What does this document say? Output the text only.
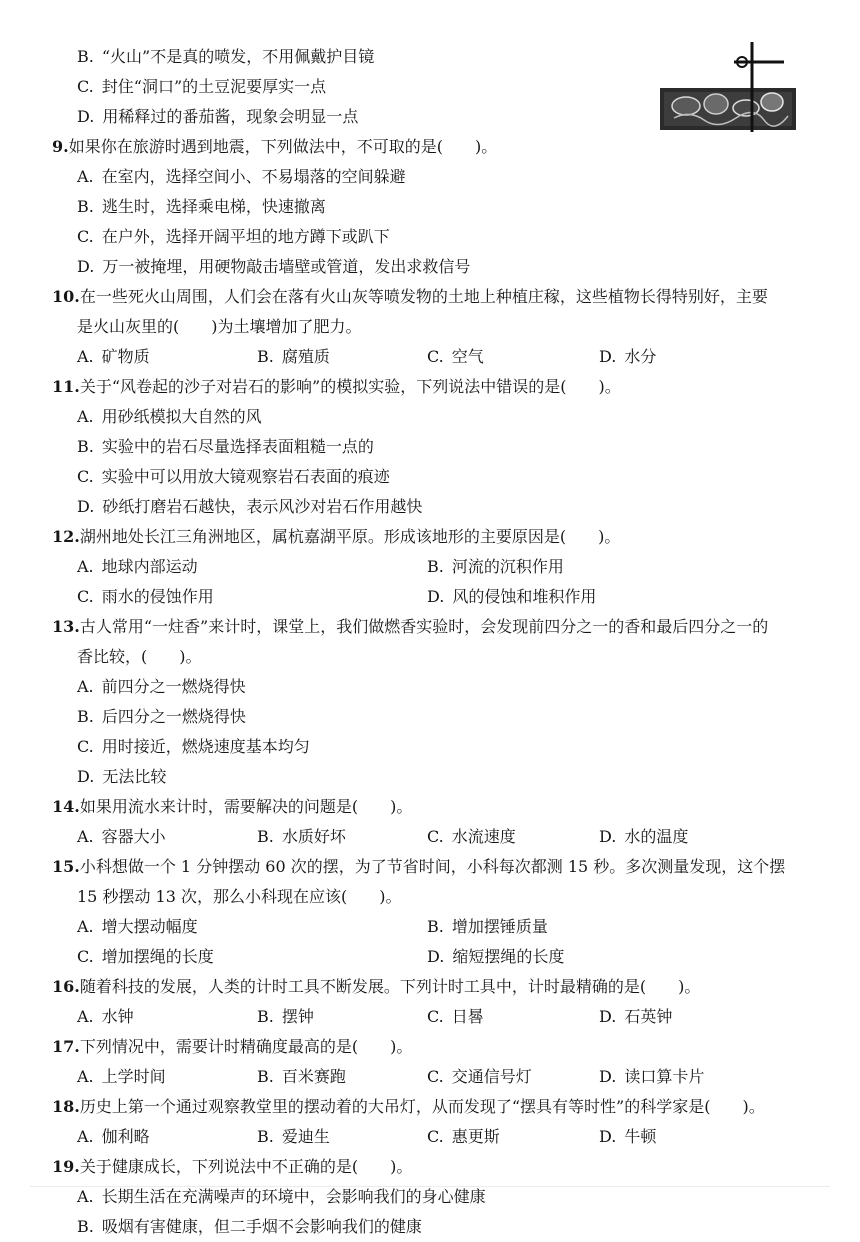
B. “火山”不是真的喷发，不用佩戴护目镜
C. 封住“洞口”的土豆泥要厚实一点
D. 用稀释过的番茄酱，现象会明显一点
9.如果你在旅游时遇到地震，下列做法中，不可取的是(　　)。
A. 在室内，选择空间小、不易塌落的空间躲避
B. 逃生时，选择乘电梯，快速撤离
C. 在户外，选择开阔平坦的地方蹲下或趴下
D. 万一被掩埋，用硬物敲击墙壁或管道，发出求救信号
10.在一些死火山周围，人们会在落有火山灰等喷发物的土地上种植庄稼，这些植物长得特别好，主要
是火山灰里的(　　)为土壤增加了肥力。
A. 矿物质	B. 腐殖质	C. 空气	D. 水分
11.关于“风卷起的沙子对岩石的影响”的模拟实验，下列说法中错误的是(　　)。
A. 用砂纸模拟大自然的风
B. 实验中的岩石尽量选择表面粗糙一点的
C. 实验中可以用放大镜观察岩石表面的痕迹
D. 砂纸打磨岩石越快，表示风沙对岩石作用越快
12.湖州地处长江三角洲地区，属杭嘉湖平原。形成该地形的主要原因是(　　)。
A. 地球内部运动	B. 河流的沉积作用
C. 雨水的侵蚀作用	D. 风的侵蚀和堆积作用
13.古人常用“一炷香”来计时，课堂上，我们做燃香实验时，会发现前四分之一的香和最后四分之一的
香比较，(　　)。
A. 前四分之一燃烧得快
B. 后四分之一燃烧得快
C. 用时接近，燃烧速度基本均匀
D. 无法比较
14.如果用流水来计时，需要解决的问题是(　　)。
A. 容器大小	B. 水质好坏	C. 水流速度	D. 水的温度
15.小科想做一个 1 分钟摆动 60 次的摆，为了节省时间，小科每次都测 15 秒。多次测量发现，这个摆
15 秒摆动 13 次，那么小科现在应该(　　)。
A. 增大摆动幅度	B. 增加摆锤质量
C. 增加摆绳的长度	D. 缩短摆绳的长度
16.随着科技的发展，人类的计时工具不断发展。下列计时工具中，计时最精确的是(　　)。
A. 水钟	B. 摆钟	C. 日晷	D. 石英钟
17.下列情况中，需要计时精确度最高的是(　　)。
A. 上学时间	B. 百米赛跑	C. 交通信号灯	D. 读口算卡片
18.历史上第一个通过观察教堂里的摆动着的大吊灯，从而发现了“摆具有等时性”的科学家是(　　)。
A. 伽利略	B. 爱迪生	C. 惠更斯	D. 牛顿
19.关于健康成长，下列说法中不正确的是(　　)。
A. 长期生活在充满噪声的环境中，会影响我们的身心健康
B. 吸烟有害健康，但二手烟不会影响我们的健康
